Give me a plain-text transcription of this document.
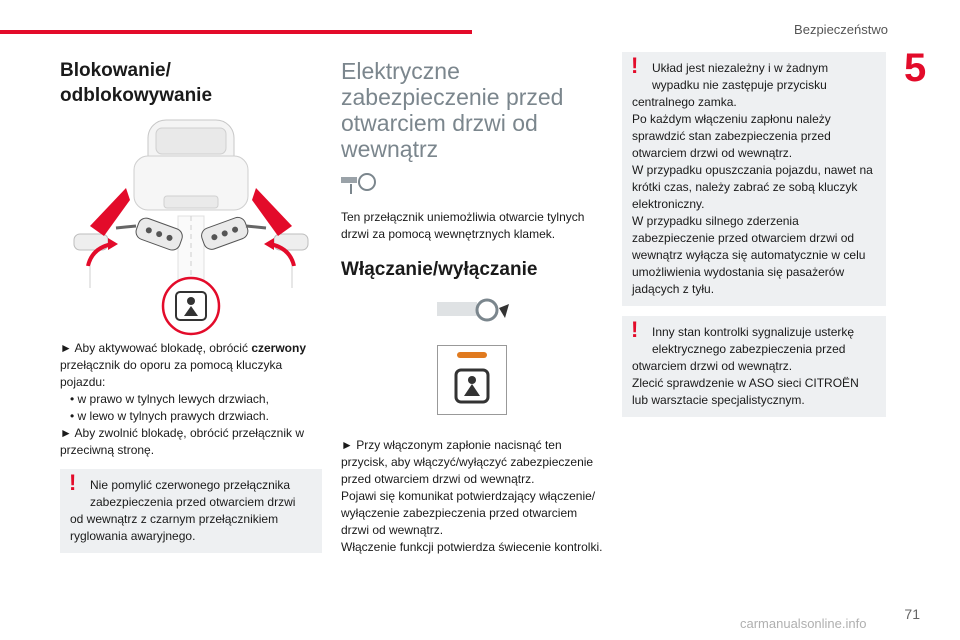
Bezpieczeństwo
5
Blokowanie/
odblokowywanie

► Aby aktywować blokadę, obrócić czerwony przełącznik do oporu za pomocą kluczyka pojazdu:

• w prawo w tylnych lewych drzwiach,

• w lewo w tylnych prawych drzwiach.

► Aby zwolnić blokadę, obrócić przełącznik w przeciwną stronę.

!	Nie pomylić czerwonego przełącznika zabezpieczenia przed otwarciem drzwi
od wewnątrz z czarnym przełącznikiem ryglowania awaryjnego.
Elektryczne zabezpieczenie przed otwarciem drzwi od wewnątrz

Ten przełącznik uniemożliwia otwarcie tylnych drzwi za pomocą wewnętrznych klamek.

Włączanie/wyłączanie

► Przy włączonym zapłonie nacisnąć ten przycisk, aby włączyć/wyłączyć zabezpieczenie przed otwarciem drzwi od wewnątrz.

Pojawi się komunikat potwierdzający włączenie/ wyłączenie zabezpieczenia przed otwarciem drzwi od wewnątrz.

Włączenie funkcji potwierdza świecenie kontrolki.

!	Układ jest niezależny i w żadnym wypadku nie zastępuje przycisku
centralnego zamka.
Po każdym włączeniu zapłonu należy sprawdzić stan zabezpieczenia przed otwarciem drzwi od wewnątrz.
W przypadku opuszczania pojazdu, nawet na krótki czas, należy zabrać ze sobą kluczyk elektroniczny.
W przypadku silnego zderzenia zabezpieczenie przed otwarciem drzwi od wewnątrz wyłącza się automatycznie w celu umożliwienia wydostania się pasażerów jadących z tyłu.
!	Inny stan kontrolki sygnalizuje usterkę elektrycznego zabezpieczenia przed
otwarciem drzwi od wewnątrz.
Zlecić sprawdzenie w ASO sieci CITROËN lub warsztacie specjalistycznym.
71
carmanualsonline.info
